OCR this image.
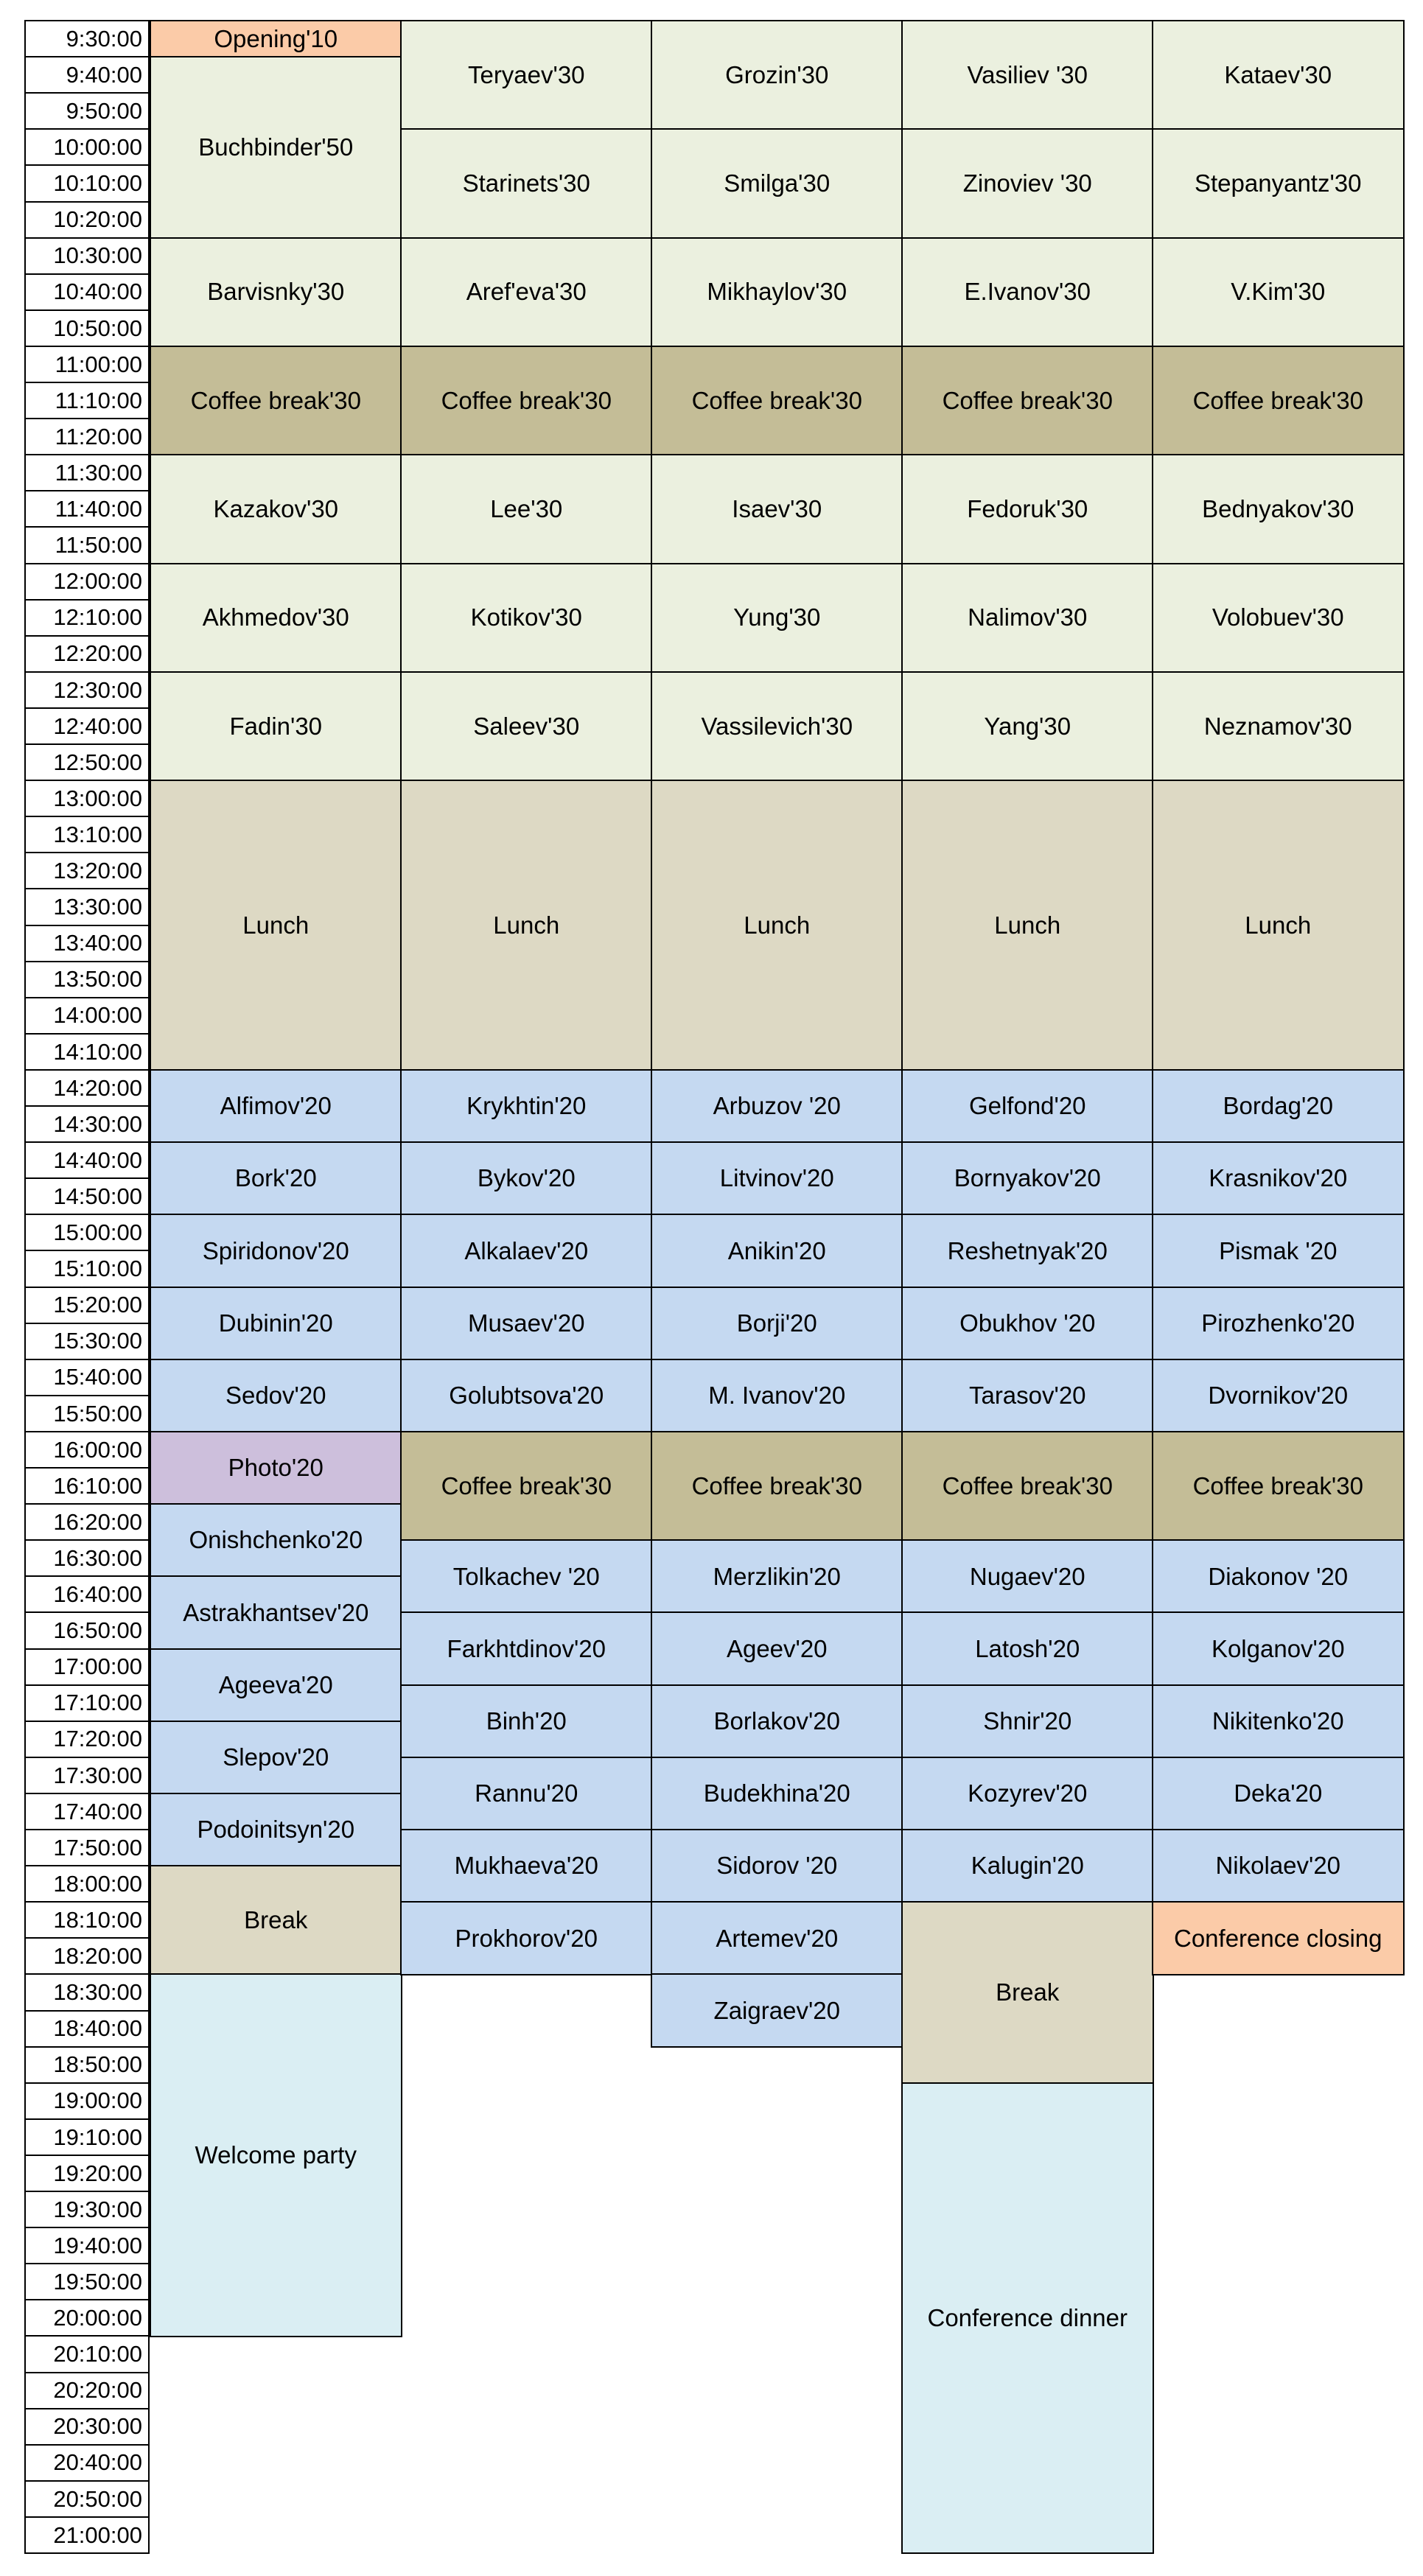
9:30:00
9:40:00
9:50:00
10:00:00
10:10:00
10:20:00
10:30:00
10:40:00
10:50:00
11:00:00
11:10:00
11:20:00
11:30:00
11:40:00
11:50:00
12:00:00
12:10:00
12:20:00
12:30:00
12:40:00
12:50:00
13:00:00
13:10:00
13:20:00
13:30:00
13:40:00
13:50:00
14:00:00
14:10:00
14:20:00
14:30:00
14:40:00
14:50:00
15:00:00
15:10:00
15:20:00
15:30:00
15:40:00
15:50:00
16:00:00
16:10:00
16:20:00
16:30:00
16:40:00
16:50:00
17:00:00
17:10:00
17:20:00
17:30:00
17:40:00
17:50:00
18:00:00
18:10:00
18:20:00
18:30:00
18:40:00
18:50:00
19:00:00
19:10:00
19:20:00
19:30:00
19:40:00
19:50:00
20:00:00
20:10:00
20:20:00
20:30:00
20:40:00
20:50:00
21:00:00
Opening'10
Buchbinder'50
Barvisnky'30
Coffee break'30
Kazakov'30
Akhmedov'30
Fadin'30
Lunch
Alfimov'20
Bork'20
Spiridonov'20
Dubinin'20
Sedov'20
Photo'20
Onishchenko'20
Astrakhantsev'20
Ageeva'20
Slepov'20
Podoinitsyn'20
Break
Welcome party
Teryaev'30
Starinets'30
Aref'eva'30
Coffee break'30
Lee'30
Kotikov'30
Saleev'30
Lunch
Krykhtin'20
Bykov'20
Alkalaev'20
Musaev'20
Golubtsova'20
Coffee break'30
Tolkachev '20
Farkhtdinov'20
Binh'20
Rannu'20
Mukhaeva'20
Prokhorov'20
Grozin'30
Smilga'30
Mikhaylov'30
Coffee break'30
Isaev'30
Yung'30
Vassilevich'30
Lunch
Arbuzov '20
Litvinov'20
Anikin'20
Borji'20
M. Ivanov'20
Coffee break'30
Merzlikin'20
Ageev'20
Borlakov'20
Budekhina'20
Sidorov '20
Artemev'20
Zaigraev'20
Vasiliev '30
Zinoviev '30
E.Ivanov'30
Coffee break'30
Fedoruk'30
Nalimov'30
Yang'30
Lunch
Gelfond'20
Bornyakov'20
Reshetnyak'20
Obukhov '20
Tarasov'20
Coffee break'30
Nugaev'20
Latosh'20
Shnir'20
Kozyrev'20
Kalugin'20
Break
Conference dinner
Kataev'30
Stepanyantz'30
V.Kim'30
Coffee break'30
Bednyakov'30
Volobuev'30
Neznamov'30
Lunch
Bordag'20
Krasnikov'20
Pismak '20
Pirozhenko'20
Dvornikov'20
Coffee break'30
Diakonov '20
Kolganov'20
Nikitenko'20
Deka'20
Nikolaev'20
Conference closing
